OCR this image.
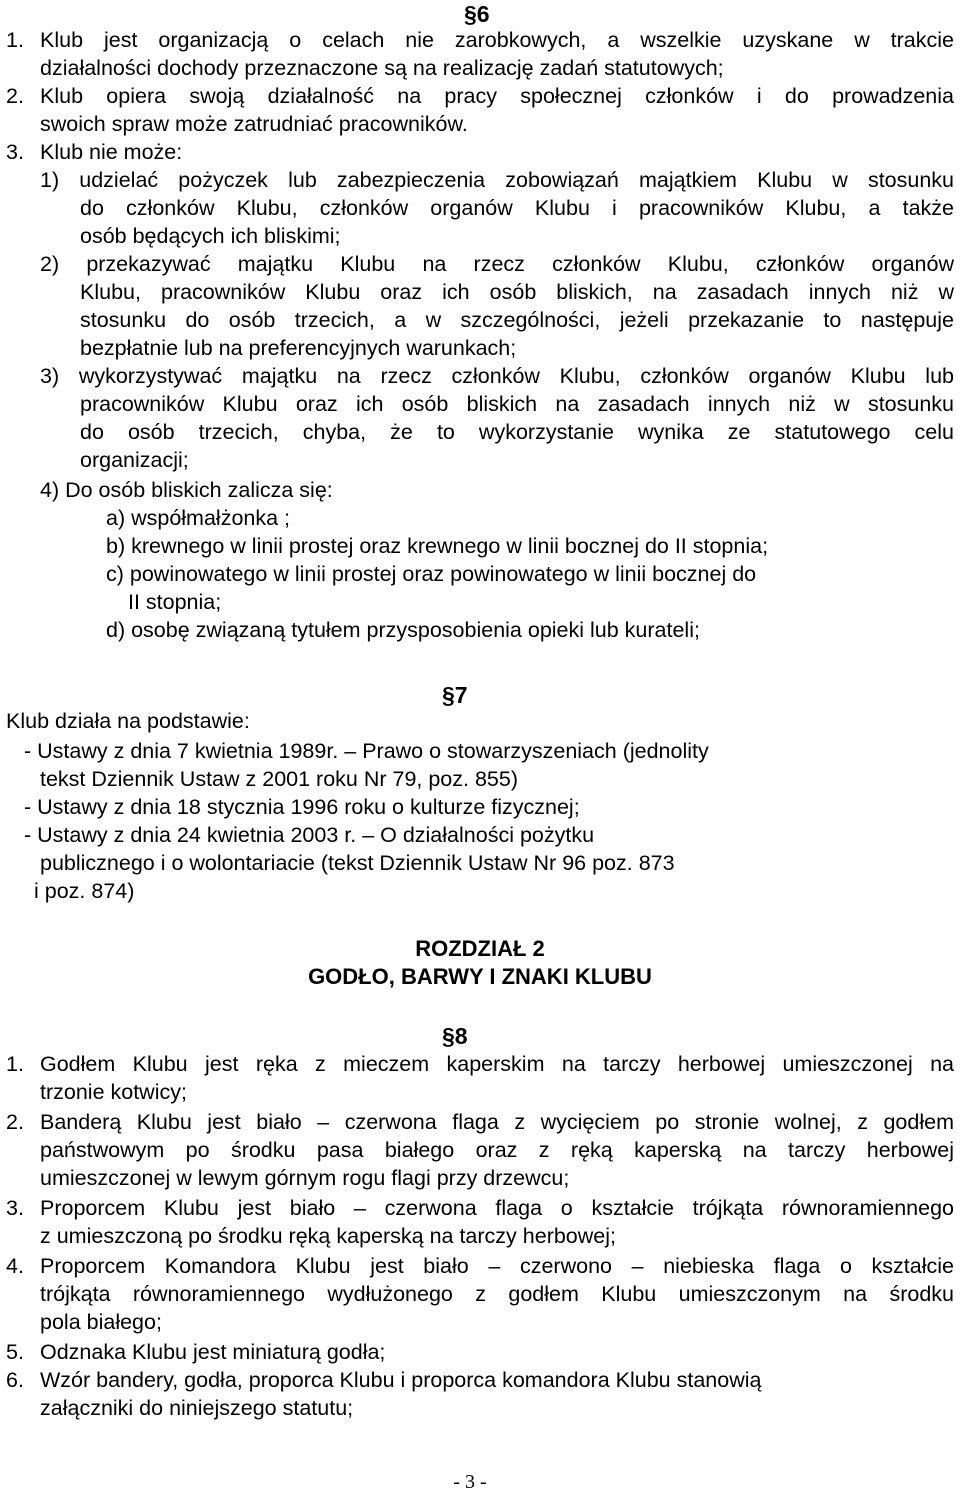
§6
1. Klub jest organizacją o celach nie zarobkowych, a wszelkie uzyskane w trakcie
działalności dochody przeznaczone są na realizację zadań statutowych;
2. Klub opiera swoją działalność na pracy społecznej członków i do prowadzenia
swoich spraw może zatrudniać pracowników.
3. Klub nie może:
1) udzielać pożyczek lub zabezpieczenia zobowiązań majątkiem Klubu w stosunku
do członków Klubu, członków organów Klubu i pracowników Klubu, a także
osób będących ich bliskimi;
2) przekazywać majątku Klubu na rzecz członków Klubu, członków organów
Klubu, pracowników Klubu oraz ich osób bliskich, na zasadach innych niż w
stosunku do osób trzecich, a w szczególności, jeżeli przekazanie to następuje
bezpłatnie lub na preferencyjnych warunkach;
3) wykorzystywać majątku na rzecz członków Klubu, członków organów Klubu lub
pracowników Klubu oraz ich osób bliskich na zasadach innych niż w stosunku
do osób trzecich, chyba, że to wykorzystanie wynika ze statutowego celu
organizacji;
4) Do osób bliskich zalicza się:
a) współmałżonka ;
b) krewnego w linii prostej oraz krewnego w linii bocznej do II stopnia;
c) powinowatego w linii prostej oraz powinowatego w linii bocznej do
II stopnia;
d) osobę związaną tytułem przysposobienia opieki lub kurateli;
§7
Klub działa na podstawie:
- Ustawy z dnia 7 kwietnia 1989r. – Prawo o stowarzyszeniach (jednolity
tekst Dziennik Ustaw z 2001 roku Nr 79, poz. 855)
- Ustawy z dnia 18 stycznia 1996 roku o kulturze fizycznej;
- Ustawy z dnia 24 kwietnia 2003 r. – O działalności pożytku
publicznego i o wolontariacie (tekst Dziennik Ustaw Nr 96 poz. 873
i poz. 874)
ROZDZIAŁ 2
GODŁO, BARWY I ZNAKI KLUBU
§8
1. Godłem Klubu jest ręka z mieczem kaperskim na tarczy herbowej umieszczonej na
trzonie kotwicy;
2. Banderą Klubu jest biało – czerwona flaga z wycięciem po stronie wolnej, z godłem
państwowym po środku pasa białego oraz z ręką kaperską na tarczy herbowej
umieszczonej w lewym górnym rogu flagi przy drzewcu;
3. Proporcem Klubu jest biało – czerwona flaga o kształcie trójkąta równoramiennego
z umieszczoną po środku ręką kaperską na tarczy herbowej;
4. Proporcem Komandora Klubu jest biało – czerwono – niebieska flaga o kształcie
trójkąta równoramiennego wydłużonego z godłem Klubu umieszczonym na środku
pola białego;
5. Odznaka Klubu jest miniaturą godła;
6. Wzór bandery, godła, proporca Klubu i proporca komandora Klubu stanowią
załączniki do niniejszego statutu;
- 3 -
